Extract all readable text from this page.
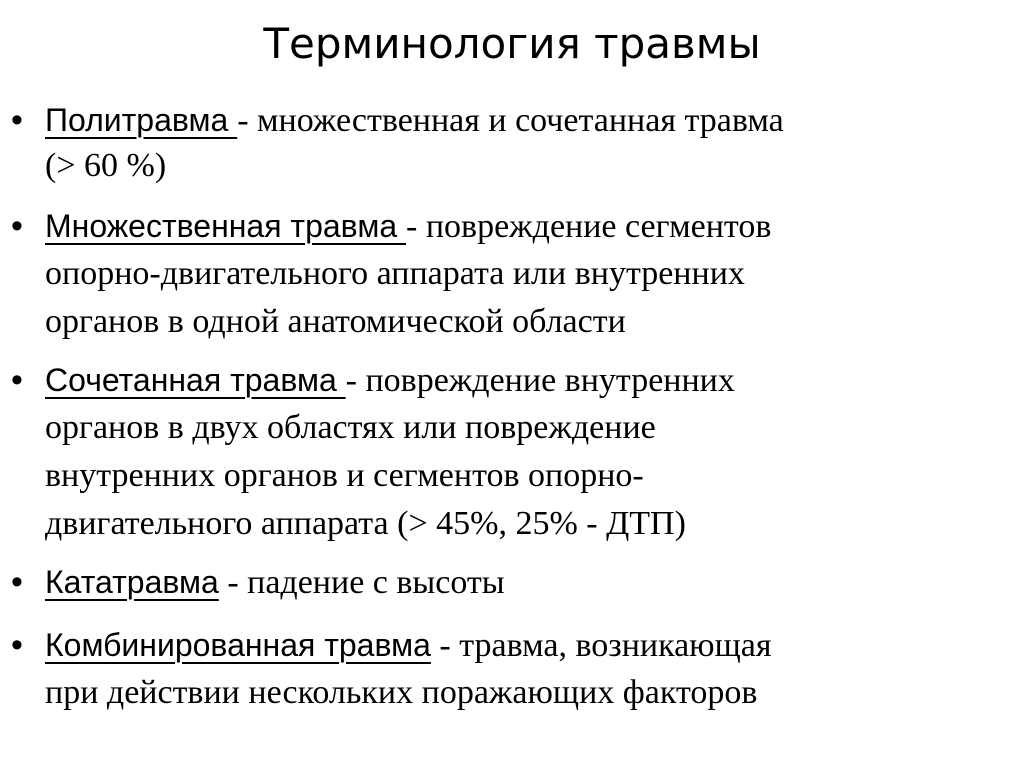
Терминология травмы
• Политравма - множественная и сочетанная травма
(> 60 %)
• Множественная травма - повреждение сегментов
опорно-двигательного аппарата или внутренних
органов в одной анатомической области
• Сочетанная травма - повреждение внутренних
органов в двух областях или повреждение
внутренних органов и сегментов опорно-
двигательного аппарата (> 45%, 25% - ДТП)
• Кататравма - падение с высоты
• Комбинированная травма - травма, возникающая
при действии нескольких поражающих факторов
